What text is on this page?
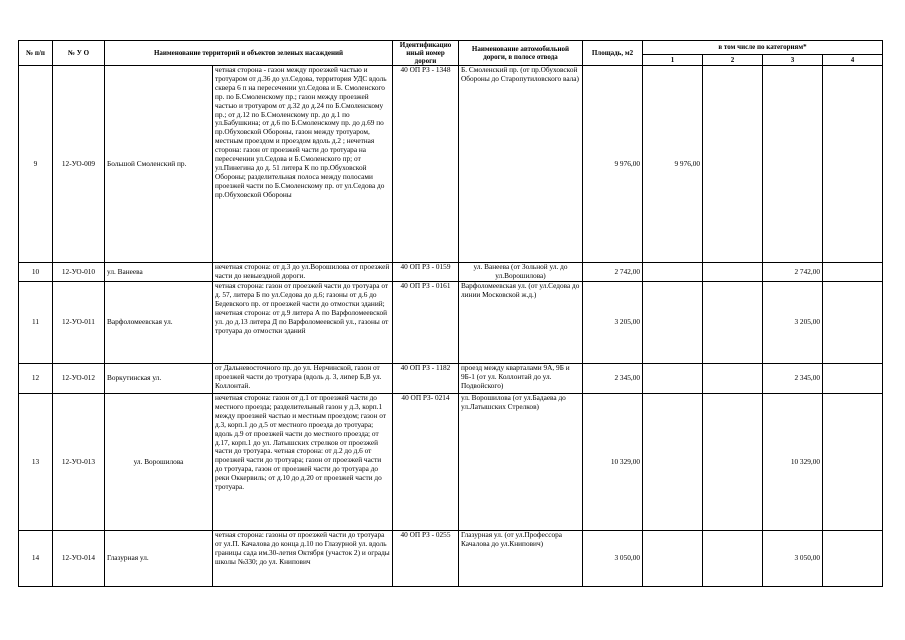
№ п/п	№ У О	Наименование территорий и объектов зеленых насаждений		Идентификацио нный номер дороги	Наименование автомобильной дороги, в полосе отвода	Площадь, м2	в том числе по категориям*			
							1	2	3	4
9	12-УО-009	Большой Смоленский пр.	четная сторона - газон между проезжей частью и тротуаром от д.36 до ул.Седова, территория УДС вдоль сквера 6 п на пересечении ул.Седова и Б. Смоленского пр. по Б.Смоленскому пр.; газон между проезжей частью и тротуаром от д.32 до д.24 по Б.Смоленскому пр.; от д.12 по Б.Смоленскому пр. до д.1 по ул.Бабушкина; от д.6 по Б.Смоленскому пр. до д.69 по пр.Обуховской Обороны, газон между тротуаром, местным проездом и проездом вдоль д.2 ; нечетная сторона: газон от проезжей части до тротуара на пересечении ул.Седова и Б.Смоленского пр; от ул.Пинегина до д. 51 литера К по пр.Обуховской Обороны; разделительная полоса между полосами проезжей части по Б.Смоленскому пр. от ул.Седова до пр.Обуховской Обороны	40 ОП РЗ - 1348	Б. Смоленский пр. (от пр.Обуховской Обороны до Старопутиловского вала)	9 976,00	9 976,00			
10	12-УО-010	ул. Ванеева	нечетная сторона: от д.3 до ул.Ворошилова от проезжей части до невыездной дороги.	40 ОП РЗ - 0159	ул. Ванеева (от Зольной ул. до ул.Ворошилова)	2 742,00			2 742,00	
11	12-УО-011	Варфоломеевская ул.	четная сторона: газон от проезжей части до тротуара от д. 57, литера Б по ул.Седова до д.6; газоны от д.6 до Бедевского пр. от проезжей части до отмостки зданий; нечетная сторона: от д.9 литера А по Варфоломеевской ул. до д.13 литера Д по Варфоломеевской ул., газоны от тротуара до отмостки зданий	40 ОП РЗ - 0161	Варфоломеевская ул. (от ул.Седова до линии Московской ж.д.)	3 205,00			3 205,00	
12	12-УО-012	Воркутинская ул.	от Дальневосточного пр. до ул. Нерчинской, газон от проезжей части до тротуара (вдоль д. 3, лиnер Б,В ул. Коллонтай.	40 ОП РЗ - 1182	проезд между кварталами 9А, 9Б и 9Б-1 (от ул. Коллонтай до ул. Подвойского)	2 345,00			2 345,00	
13	12-УО-013	ул. Ворошилова	нечетная сторона: газон от д.1 от проезжей части до местного проезда; разделительный газон у д.3, корп.1 между проезжей частью и местным проездом; газон от д.3, корп.1 до д.5 от местного проезда до тротуара; вдоль д.9 от проезжей части до местного проезда; от д.17, корп.1 до ул. Латышских стрелков от проезжей части до тротуара. четная сторона: от д.2 до д.6 от проезжей части до тротуара; газон от проезжей части до тротуара, газон от проезжей части до тротуара до реки Оккервиль; от д.10 до д.20 от проезжей части до тротуара.	40 ОП РЗ- 0214	ул. Ворошилова (от ул.Бадаева до ул.Латышских Стрелков)	10 329,00			10 329,00	
14	12-УО-014	Глазурная ул.	четная сторона: газоны от проезжей части до тротуара от ул.П. Качалова до конца д.10 по Глазурной ул. вдоль границы сада им.30-летия Октября (участок 2) и ограды школы №330; до ул. Книпович	40 ОП РЗ - 0255	Глазурная ул. (от ул.Профессора Качалова до ул.Книпович)	3 050,00			3 050,00	
